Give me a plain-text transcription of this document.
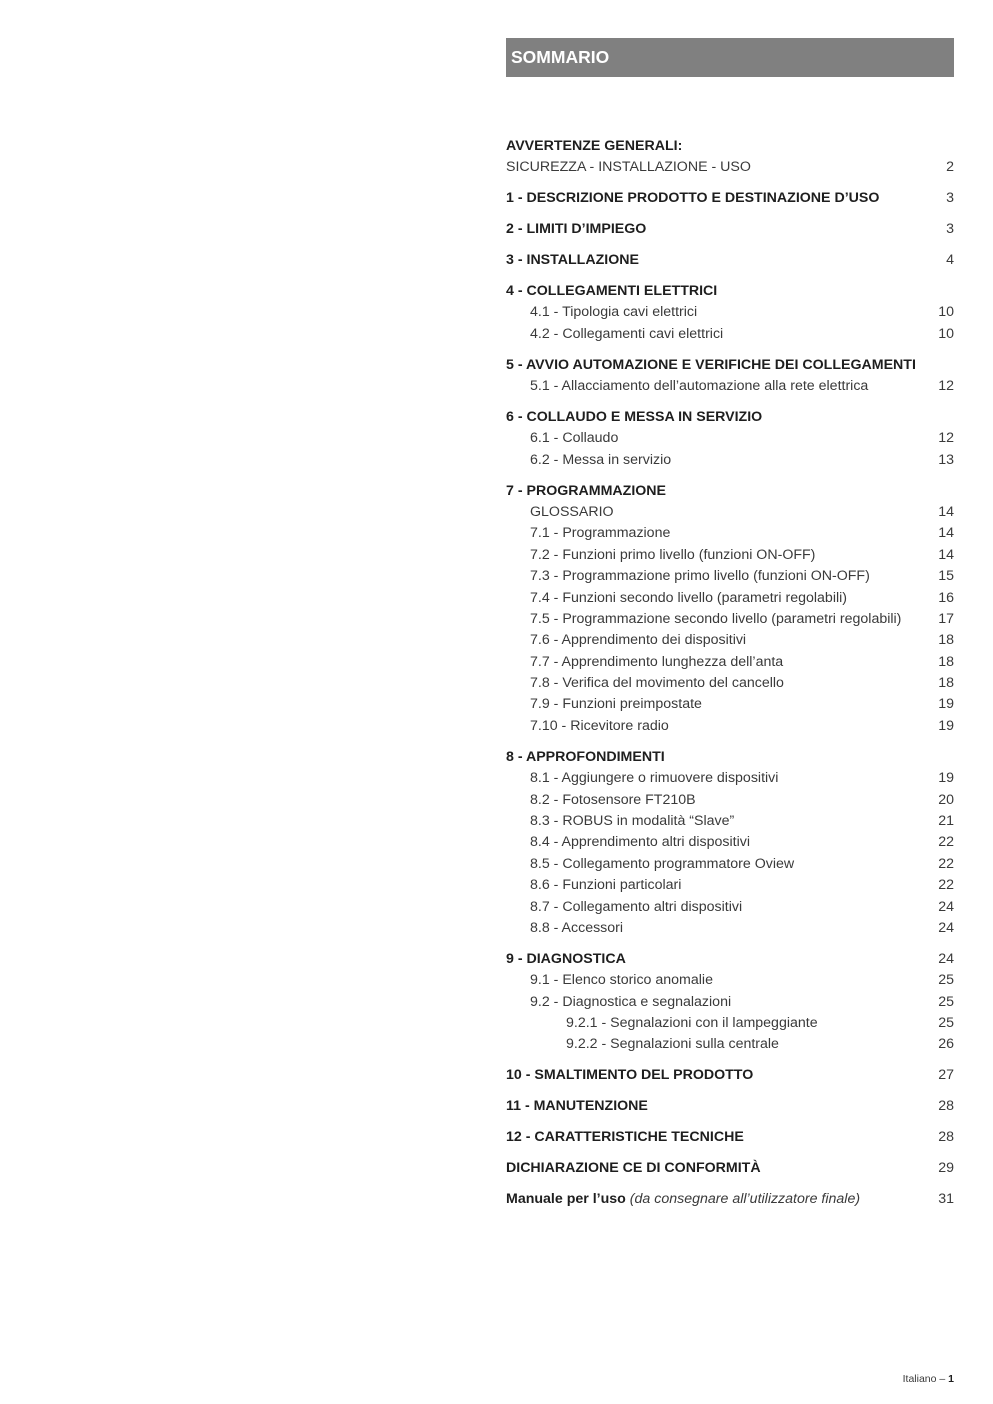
SOMMARIO
AVVERTENZE GENERALI:
SICUREZZA - INSTALLAZIONE - USO	2
1 - DESCRIZIONE PRODOTTO E DESTINAZIONE D’USO	3
2 - LIMITI D’IMPIEGO	3
3 - INSTALLAZIONE	4
4 - COLLEGAMENTI ELETTRICI
4.1 - Tipologia cavi elettrici	10
4.2 - Collegamenti cavi elettrici	10
5 - AVVIO AUTOMAZIONE E VERIFICHE DEI COLLEGAMENTI
5.1 - Allacciamento dell’automazione alla rete elettrica	12
6 - COLLAUDO E MESSA IN SERVIZIO
6.1 - Collaudo	12
6.2 - Messa in servizio	13
7 - PROGRAMMAZIONE
GLOSSARIO	14
7.1 - Programmazione	14
7.2 - Funzioni primo livello (funzioni ON-OFF)	14
7.3 - Programmazione primo livello (funzioni ON-OFF)	15
7.4 - Funzioni secondo livello (parametri regolabili)	16
7.5 - Programmazione secondo livello (parametri regolabili)	17
7.6 - Apprendimento dei dispositivi	18
7.7 - Apprendimento lunghezza dell’anta	18
7.8 - Verifica del movimento del cancello	18
7.9 - Funzioni preimpostate	19
7.10 - Ricevitore radio	19
8 - APPROFONDIMENTI
8.1 - Aggiungere o rimuovere dispositivi	19
8.2 - Fotosensore FT210B	20
8.3 - ROBUS in modalità “Slave”	21
8.4 - Apprendimento altri dispositivi	22
8.5 - Collegamento programmatore Oview	22
8.6 - Funzioni particolari	22
8.7 - Collegamento altri dispositivi	24
8.8 - Accessori	24
9 - DIAGNOSTICA	24
9.1 - Elenco storico anomalie	25
9.2 - Diagnostica e segnalazioni	25
9.2.1 - Segnalazioni con il lampeggiante	25
9.2.2 - Segnalazioni sulla centrale	26
10 - SMALTIMENTO DEL PRODOTTO	27
11 - MANUTENZIONE	28
12 - CARATTERISTICHE TECNICHE	28
DICHIARAZIONE CE DI CONFORMITÀ	29
Manuale per l’uso (da consegnare all’utilizzatore finale)	31
Italiano – 1
